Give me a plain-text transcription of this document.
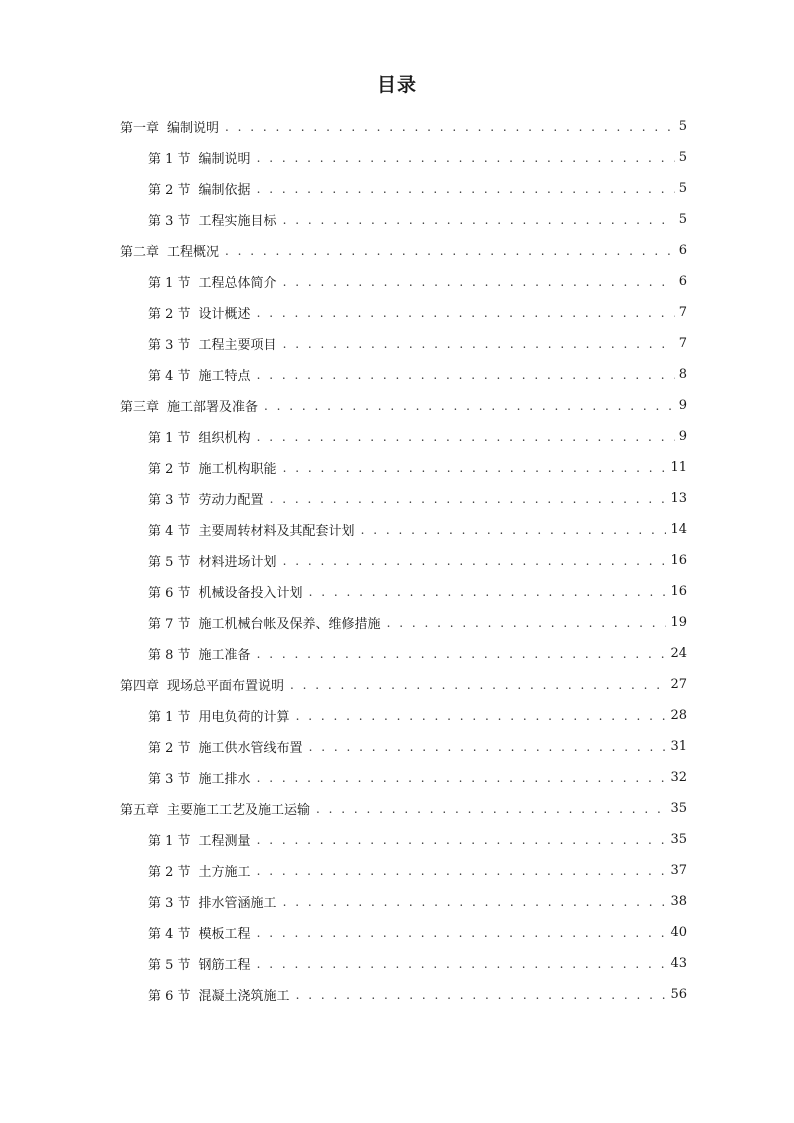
目录
第一章 编制说明 . . .	5
第 1 节 编制说明 . . .	5
第 2 节 编制依据 . . .	5
第 3 节 工程实施目标 . . .	5
第二章 工程概况 . . .	6
第 1 节 工程总体简介 . . .	6
第 2 节 设计概述 . . .	7
第 3 节 工程主要项目 . . .	7
第 4 节 施工特点 . . .	8
第三章 施工部署及准备 . . .	9
第 1 节 组织机构 . . .	9
第 2 节 施工机构职能 . . .	11
第 3 节 劳动力配置 . . .	13
第 4 节 主要周转材料及其配套计划 . . .	14
第 5 节 材料进场计划 . . .	16
第 6 节 机械设备投入计划 . . .	16
第 7 节 施工机械台帐及保养、维修措施 . . .	19
第 8 节 施工准备 . . .	24
第四章 现场总平面布置说明 . . .	27
第 1 节 用电负荷的计算 . . .	28
第 2 节 施工供水管线布置 . . .	31
第 3 节 施工排水 . . .	32
第五章 主要施工工艺及施工运输 . . .	35
第 1 节 工程测量 . . .	35
第 2 节 土方施工 . . .	37
第 3 节 排水管涵施工 . . .	38
第 4 节 模板工程 . . .	40
第 5 节 钢筋工程 . . .	43
第 6 节 混凝土浇筑施工 . . .	56
